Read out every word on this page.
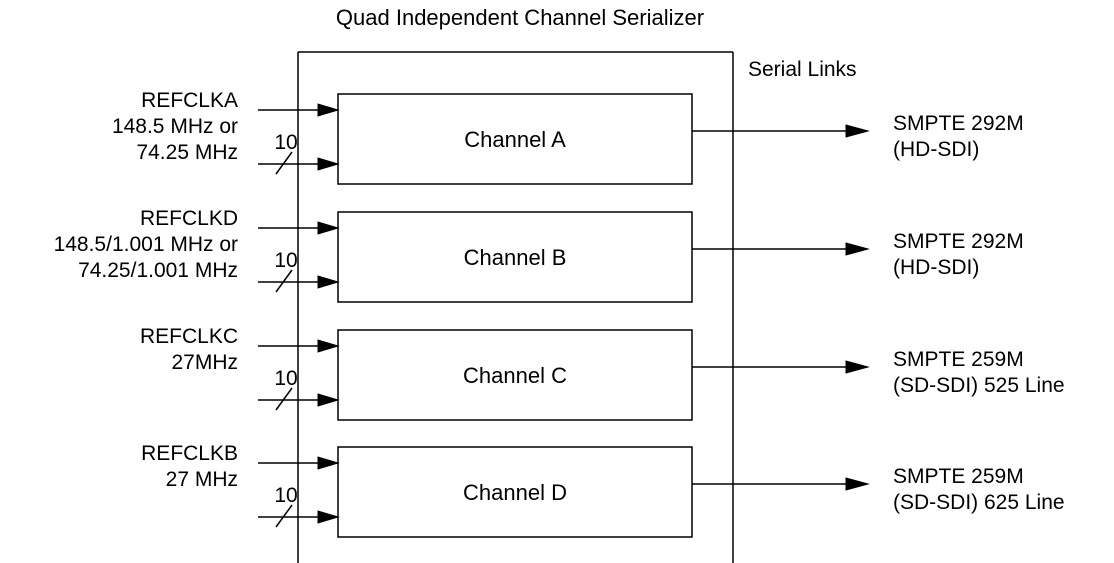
Quad Independent Channel Serializer
Serial Links
Channel A
10
REFCLKA
148.5 MHz or
74.25 MHz
SMPTE 292M
(HD-SDI)
Channel B
10
REFCLKD
148.5/1.001 MHz or
74.25/1.001 MHz
SMPTE 292M
(HD-SDI)
Channel C
10
REFCLKC
27MHz	SMPTE 259M
(SD-SDI) 525 Line
Channel D
10
REFCLKB
27 MHz	SMPTE 259M
(SD-SDI) 625 Line
